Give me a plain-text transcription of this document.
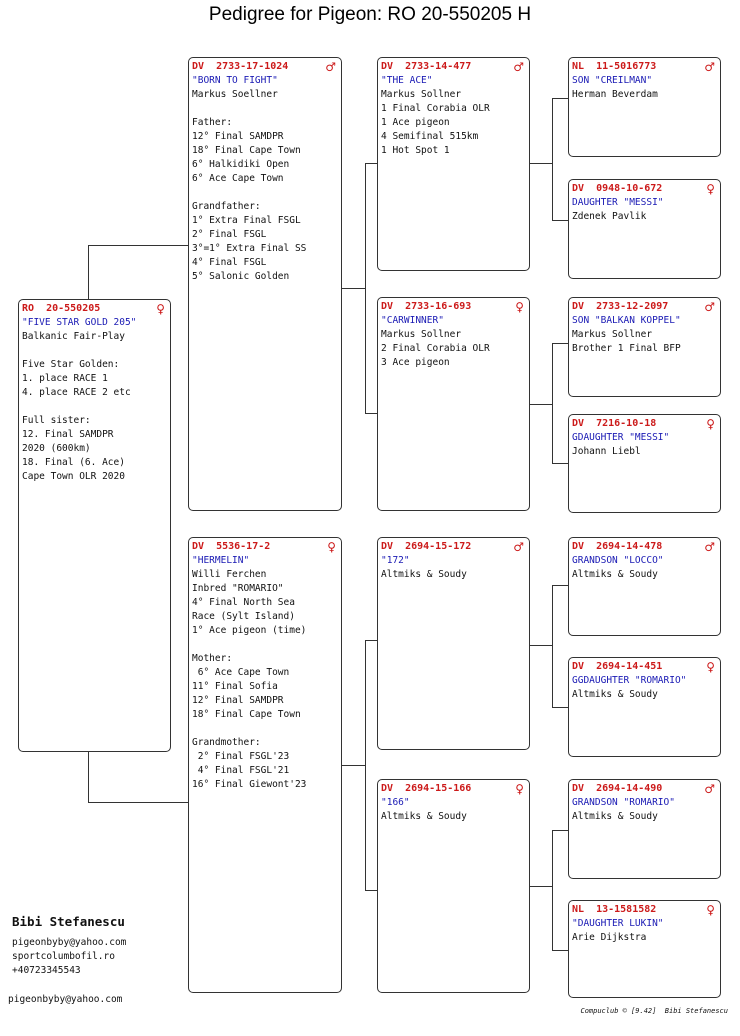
Pedigree for Pigeon: RO 20-550205 H
RO  20-550205	♀
"FIVE STAR GOLD 205"
Balkanic Fair-Play
Five Star Golden:
1. place RACE 1
4. place RACE 2 etc
Full sister:
12. Final SAMDPR
2020 (600km)
18. Final (6. Ace)
Cape Town OLR 2020
DV  2733-17-1024	♂
"BORN TO FIGHT"
Markus Soellner
Father:
12° Final SAMDPR
18° Final Cape Town
6° Halkidiki Open
6° Ace Cape Town
Grandfather:
1° Extra Final FSGL
2° Final FSGL
3°=1° Extra Final SS
4° Final FSGL
5° Salonic Golden
DV  5536-17-2	♀
"HERMELIN"
Willi Ferchen
Inbred "ROMARIO"
4° Final North Sea
Race (Sylt Island)
1° Ace pigeon (time)
Mother:
6° Ace Cape Town
11° Final Sofia
12° Final SAMDPR
18° Final Cape Town
Grandmother:
2° Final FSGL'23
4° Final FSGL'21
16° Final Giewont'23
DV  2733-14-477	♂
"THE ACE"
Markus Sollner
1 Final Corabia OLR
1 Ace pigeon
4 Semifinal 515km
1 Hot Spot 1
DV  2733-16-693	♀
"CARWINNER"
Markus Sollner
2 Final Corabia OLR
3 Ace pigeon
DV  2694-15-172	♂
"172"
Altmiks & Soudy
DV  2694-15-166	♀
"166"
Altmiks & Soudy
NL  11-5016773	♂
SON "CREILMAN"
Herman Beverdam
DV  0948-10-672	♀
DAUGHTER "MESSI"
Zdenek Pavlik
DV  2733-12-2097	♂
SON "BALKAN KOPPEL"
Markus Sollner
Brother 1 Final BFP
DV  7216-10-18	♀
GDAUGHTER "MESSI"
Johann Liebl
DV  2694-14-478	♂
GRANDSON "LOCCO"
Altmiks & Soudy
DV  2694-14-451	♀
GGDAUGHTER "ROMARIO"
Altmiks & Soudy
DV  2694-14-490	♂
GRANDSON "ROMARIO"
Altmiks & Soudy
NL  13-1581582	♀
"DAUGHTER LUKIN"
Arie Dijkstra
Bibi Stefanescu
pigeonbyby@yahoo.com
sportcolumbofil.ro
+40723345543
pigeonbyby@yahoo.com
Compuclub © [9.42]  Bibi Stefanescu
